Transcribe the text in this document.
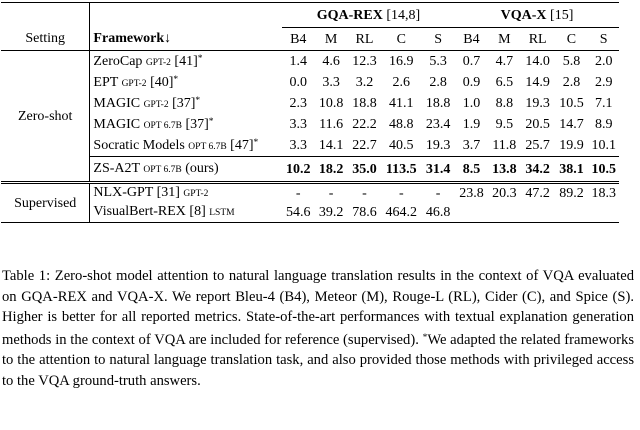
		GQA-REX [14,8]					VQA-X [15]				
Setting	Framework↓	B4	M	RL	C	S	B4	M	RL	C	S
Zero-shot	ZeroCap GPT-2 [41]*	1.4	4.6	12.3	16.9	5.3	0.7	4.7	14.0	5.8	2.0
	EPT GPT-2 [40]*	0.0	3.3	3.2	2.6	2.8	0.9	6.5	14.9	2.8	2.9
	MAGIC GPT-2 [37]*	2.3	10.8	18.8	41.1	18.8	1.0	8.8	19.3	10.5	7.1
	MAGIC OPT 6.7B [37]*	3.3	11.6	22.2	48.8	23.4	1.9	9.5	20.5	14.7	8.9
	Socratic Models OPT 6.7B [47]*	3.3	14.1	22.7	40.5	19.3	3.7	11.8	25.7	19.9	10.1
	ZS-A2T OPT 6.7B (ours)	10.2	18.2	35.0	113.5	31.4	8.5	13.8	34.2	38.1	10.5
Supervised	NLX-GPT [31] GPT-2	-	-	-	-	-	23.8	20.3	47.2	89.2	18.3
	VisualBert-REX [8] LSTM	54.6	39.2	78.6	464.2	46.8					

Table 1: Zero-shot model attention to natural language translation results in the context of VQA evaluated on GQA-REX and VQA-X. We report Bleu-4 (B4), Meteor (M), Rouge-L (RL), Cider (C), and Spice (S). Higher is better for all reported metrics. State-of-the-art performances with textual explanation generation methods in the context of VQA are included for reference (supervised). *We adapted the related frameworks to the attention to natural language translation task, and also provided those methods with privileged access to the VQA ground-truth answers.
